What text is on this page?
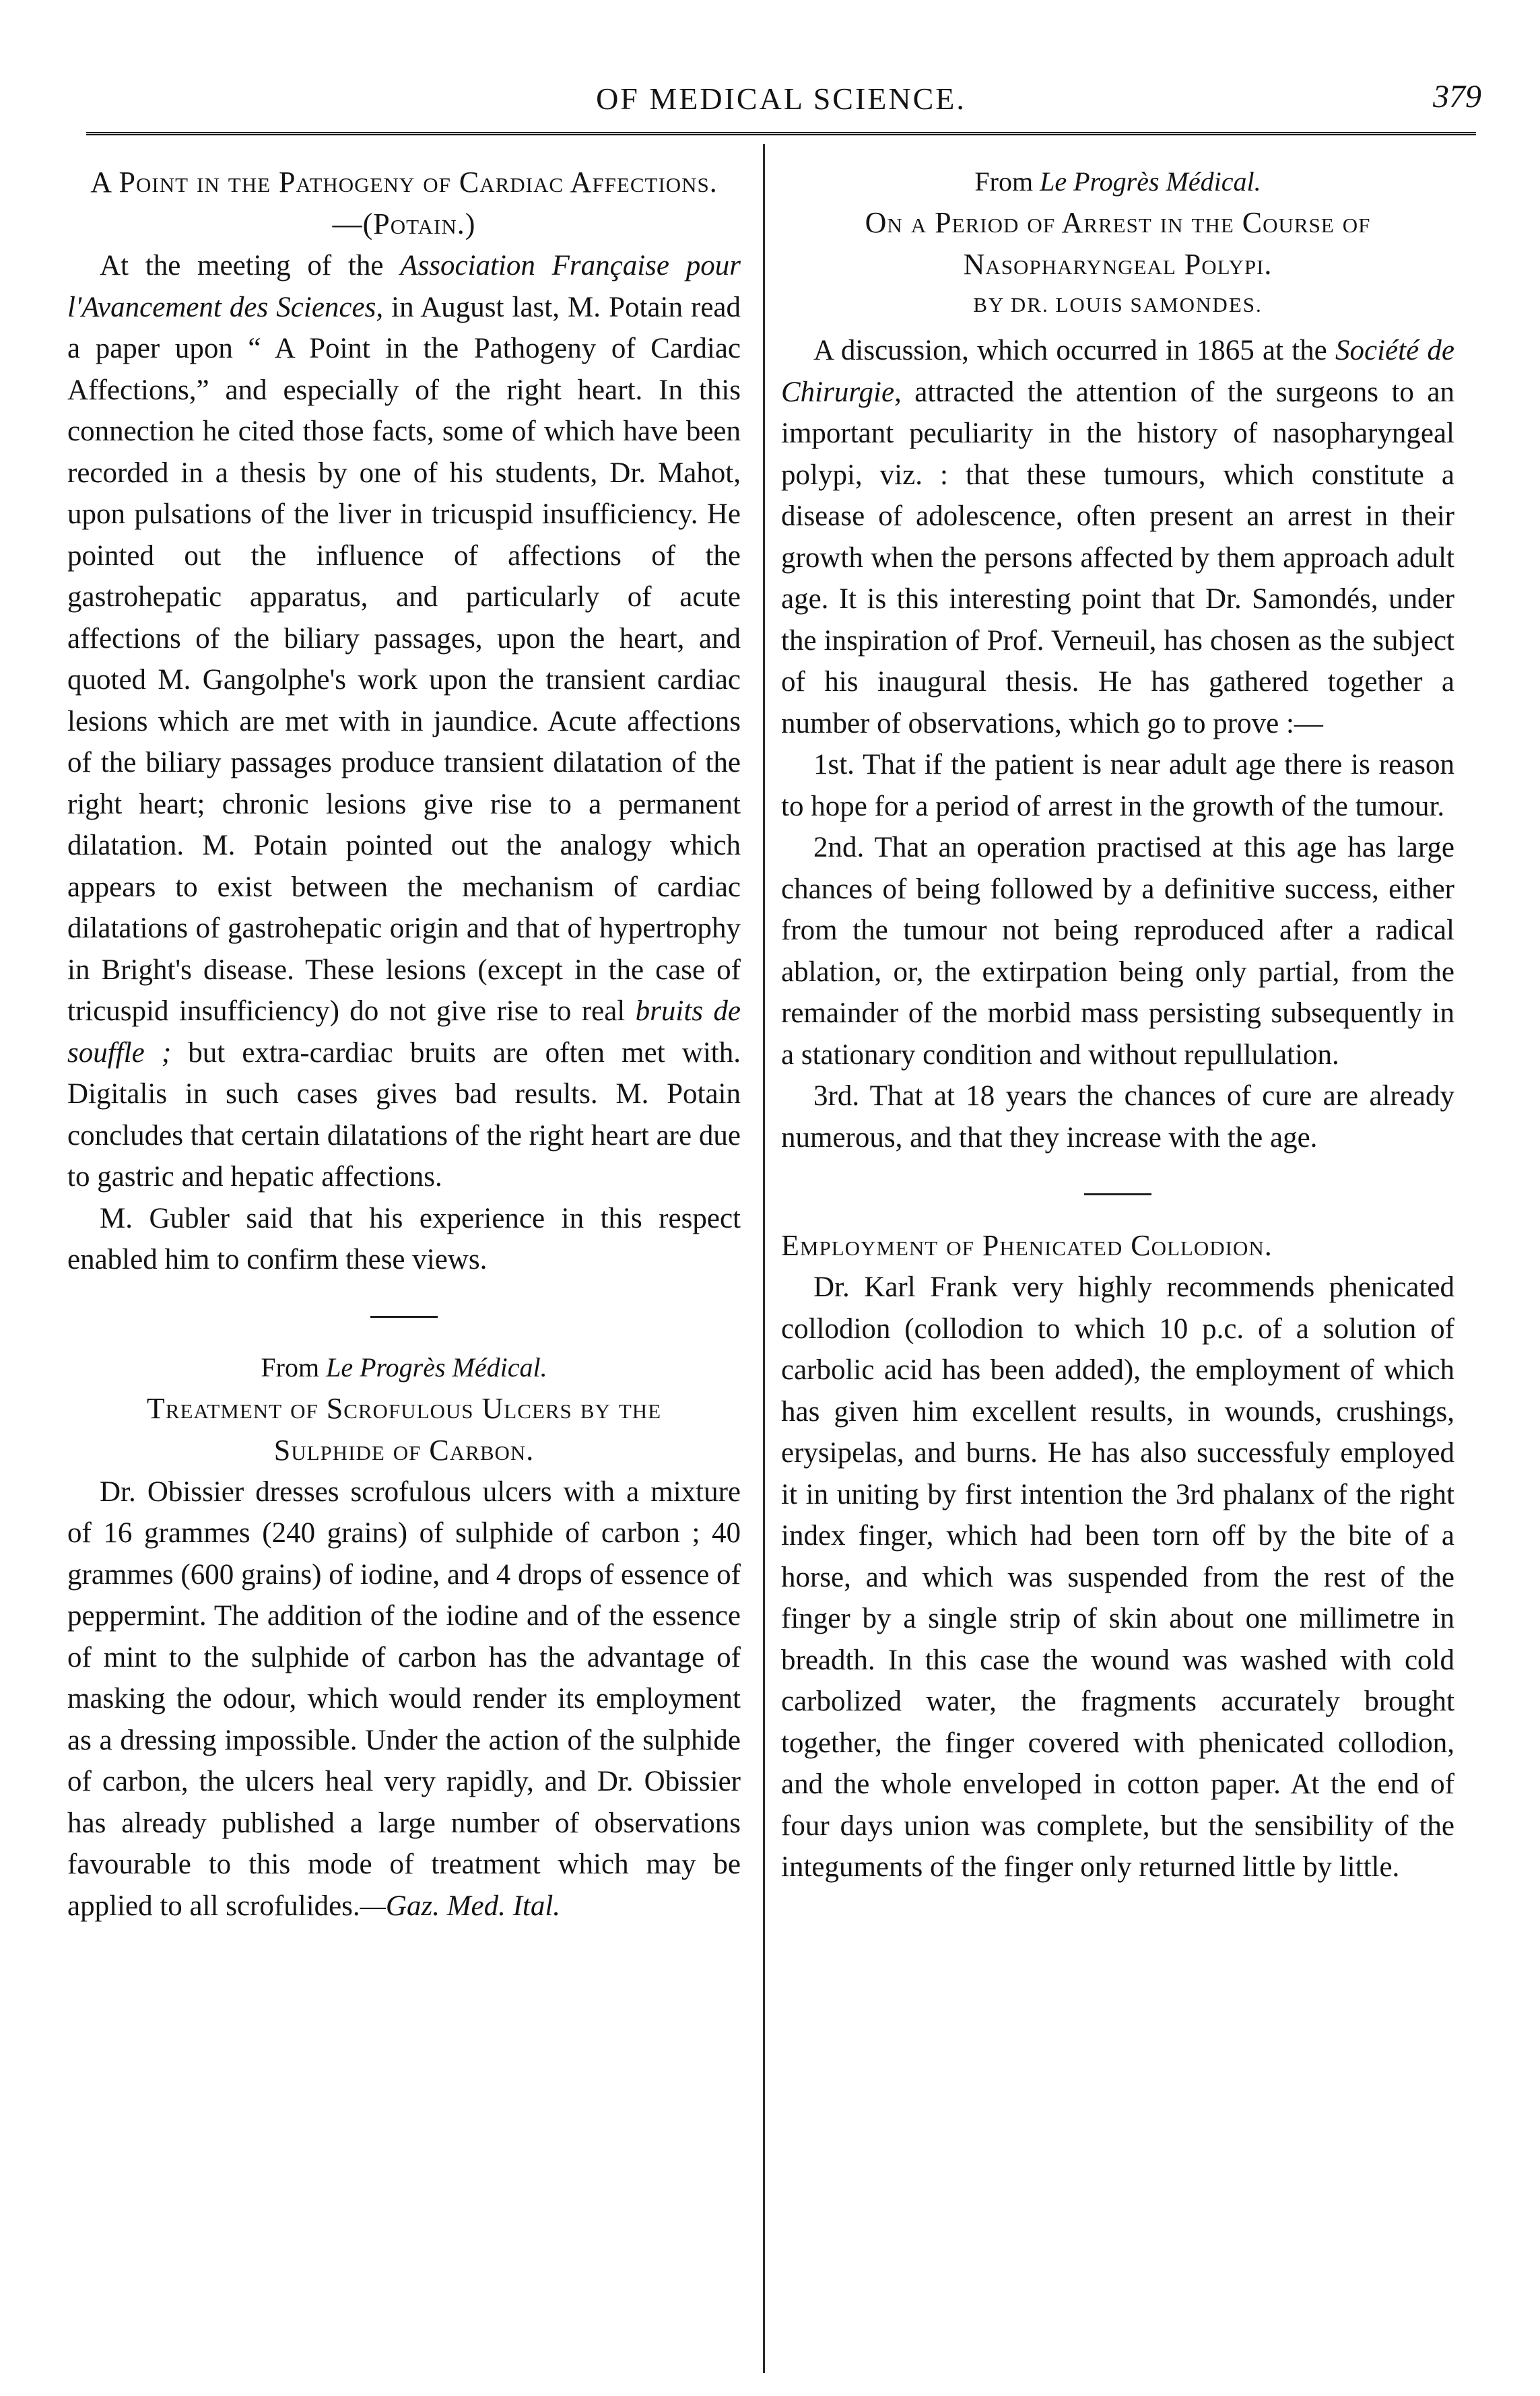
OF MEDICAL SCIENCE.	379
A Point in the Pathogeny of Cardiac Affections.—(Potain.)

At the meeting of the Association Française pour l'Avancement des Sciences, in August last, M. Potain read a paper upon “ A Point in the Pathogeny of Cardiac Affections,” and especially of the right heart. In this connection he cited those facts, some of which have been recorded in a thesis by one of his students, Dr. Mahot, upon pulsations of the liver in tricuspid insufficiency. He pointed out the influence of affections of the gastrohepatic apparatus, and particularly of acute affections of the biliary passages, upon the heart, and quoted M. Gangolphe's work upon the transient cardiac lesions which are met with in jaundice. Acute affections of the biliary passages produce transient dilatation of the right heart; chronic lesions give rise to a permanent dilatation. M. Potain pointed out the analogy which appears to exist between the mechanism of cardiac dilatations of gastrohepatic origin and that of hypertrophy in Bright's disease. These lesions (except in the case of tricuspid insufficiency) do not give rise to real bruits de souffle ; but extra-cardiac bruits are often met with. Digitalis in such cases gives bad results. M. Potain concludes that certain dilatations of the right heart are due to gastric and hepatic affections.

M. Gubler said that his experience in this respect enabled him to confirm these views.

From Le Progrès Médical.
Treatment of Scrofulous Ulcers by the Sulphide of Carbon.

Dr. Obissier dresses scrofulous ulcers with a mixture of 16 grammes (240 grains) of sulphide of carbon ; 40 grammes (600 grains) of iodine, and 4 drops of essence of peppermint. The addition of the iodine and of the essence of mint to the sulphide of carbon has the advantage of masking the odour, which would render its employment as a dressing impossible. Under the action of the sulphide of carbon, the ulcers heal very rapidly, and Dr. Obissier has already published a large number of observations favourable to this mode of treatment which may be applied to all scrofulides.—Gaz. Med. Ital.

From Le Progrès Médical.
On a Period of Arrest in the Course of Nasopharyngeal Polypi.
BY DR. LOUIS SAMONDES.

A discussion, which occurred in 1865 at the Société de Chirurgie, attracted the attention of the surgeons to an important peculiarity in the history of nasopharyngeal polypi, viz. : that these tumours, which constitute a disease of adolescence, often present an arrest in their growth when the persons affected by them approach adult age. It is this interesting point that Dr. Samondés, under the inspiration of Prof. Verneuil, has chosen as the subject of his inaugural thesis. He has gathered together a number of observations, which go to prove :—

1st. That if the patient is near adult age there is reason to hope for a period of arrest in the growth of the tumour.

2nd. That an operation practised at this age has large chances of being followed by a definitive success, either from the tumour not being reproduced after a radical ablation, or, the extirpation being only partial, from the remainder of the morbid mass persisting subsequently in a stationary condition and without repullulation.

3rd. That at 18 years the chances of cure are already numerous, and that they increase with the age.

Employment of Phenicated Collodion.

Dr. Karl Frank very highly recommends phenicated collodion (collodion to which 10 p.c. of a solution of carbolic acid has been added), the employment of which has given him excellent results, in wounds, crushings, erysipelas, and burns. He has also successfuly employed it in uniting by first intention the 3rd phalanx of the right index finger, which had been torn off by the bite of a horse, and which was suspended from the rest of the finger by a single strip of skin about one millimetre in breadth. In this case the wound was washed with cold carbolized water, the fragments accurately brought together, the finger covered with phenicated collodion, and the whole enveloped in cotton paper. At the end of four days union was complete, but the sensibility of the integuments of the finger only returned little by little.
